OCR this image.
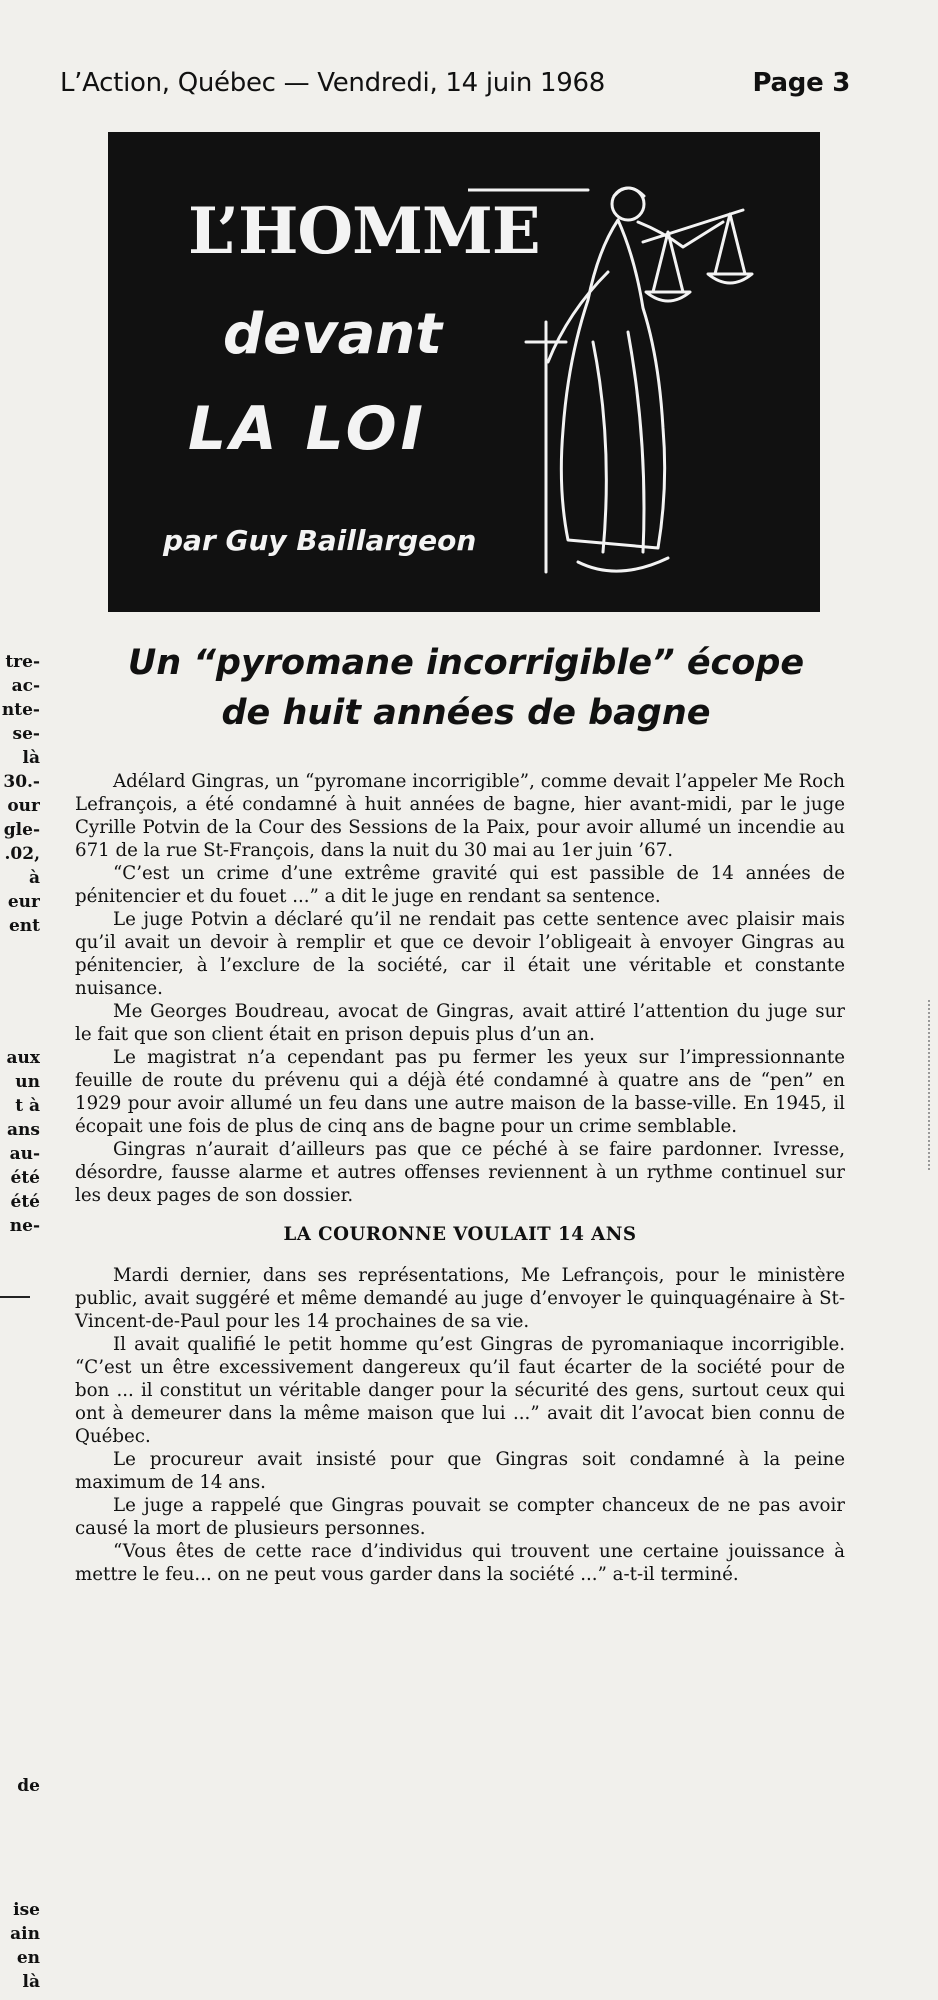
L’Action, Québec — Vendredi, 14 juin 1968	Page 3
L’HOMME
devant
LA LOI
par Guy Baillargeon
Un “pyromane incorrigible” écope
de huit années de bagne

Adélard Gingras, un “pyromane incorrigible”, comme devait l’appeler Me Roch Lefrançois, a été condamné à huit années de bagne, hier avant-midi, par le juge Cyrille Potvin de la Cour des Sessions de la Paix, pour avoir allumé un incendie au 671 de la rue St-François, dans la nuit du 30 mai au 1er juin ’67.

“C’est un crime d’une extrême gravité qui est passible de 14 années de pénitencier et du fouet ...” a dit le juge en rendant sa sentence.

Le juge Potvin a déclaré qu’il ne rendait pas cette sentence avec plaisir mais qu’il avait un devoir à remplir et que ce devoir l’obligeait à envoyer Gingras au pénitencier, à l’exclure de la société, car il était une véritable et constante nuisance.

Me Georges Boudreau, avocat de Gingras, avait attiré l’attention du juge sur le fait que son client était en prison depuis plus d’un an.

Le magistrat n’a cependant pas pu fermer les yeux sur l’impressionnante feuille de route du prévenu qui a déjà été condamné à quatre ans de “pen” en 1929 pour avoir allumé un feu dans une autre maison de la basse-ville. En 1945, il écopait une fois de plus de cinq ans de bagne pour un crime semblable.

Gingras n’aurait d’ailleurs pas que ce péché à se faire pardonner. Ivresse, désordre, fausse alarme et autres offenses reviennent à un rythme continuel sur les deux pages de son dossier.

LA COURONNE VOULAIT 14 ANS

Mardi dernier, dans ses représentations, Me Lefrançois, pour le ministère public, avait suggéré et même demandé au juge d’envoyer le quinquagénaire à St-Vincent-de-Paul pour les 14 prochaines de sa vie.

Il avait qualifié le petit homme qu’est Gingras de pyromaniaque incorrigible. “C’est un être excessivement dangereux qu’il faut écarter de la société pour de bon ... il constitut un véritable danger pour la sécurité des gens, surtout ceux qui ont à demeurer dans la même maison que lui ...” avait dit l’avocat bien connu de Québec.

Le procureur avait insisté pour que Gingras soit condamné à la peine maximum de 14 ans.

Le juge a rappelé que Gingras pouvait se compter chanceux de ne pas avoir causé la mort de plusieurs personnes.

“Vous êtes de cette race d’individus qui trouvent une certaine jouissance à mettre le feu... on ne peut vous garder dans la société ...” a-t-il terminé.

tre-
ac-
nte-
se-
là
30.-
our
gle-
.02,
à
eur
ent
aux
un
t à
ans
au-
été
été
ne-
de
ise
ain
en
là
